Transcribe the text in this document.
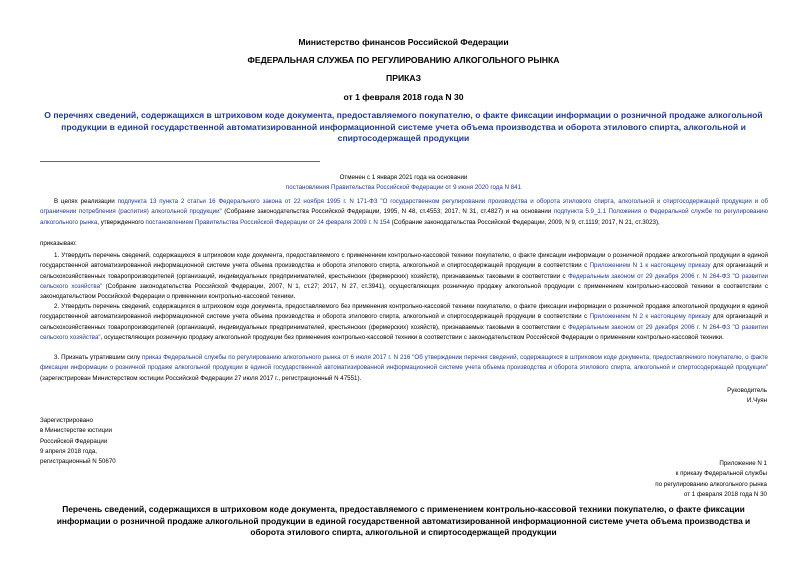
Министерство финансов Российской Федерации
ФЕДЕРАЛЬНАЯ СЛУЖБА ПО РЕГУЛИРОВАНИЮ АЛКОГОЛЬНОГО РЫНКА
ПРИКАЗ
от 1 февраля 2018 года N 30
О перечнях сведений, содержащихся в штриховом коде документа, предоставляемого покупателю, о факте фиксации информации о розничной продаже алкогольной продукции в единой государственной автоматизированной информационной системе учета объема производства и оборота этилового спирта, алкогольной и спиртосодержащей продукции
Отменен с 1 января 2021 года на основании
постановления Правительства Российской Федерации от 9 июня 2020 года N 841
В целях реализации подпункта 13 пункта 2 статьи 16 Федерального закона от 22 ноября 1995 г. N 171-ФЗ "О государственном регулировании производства и оборота этилового спирта, алкогольной и спиртосодержащей продукции и об ограничении потребления (распития) алкогольной продукции" (Собрание законодательства Российской Федерации, 1995, N 48, ст.4553; 2017, N 31, ст.4827) и на основании подпункта 5.9_1.1 Положения о Федеральной службе по регулированию алкогольного рынка, утвержденного постановлением Правительства Российской Федерации от 24 февраля 2009 г. N 154 (Собрание законодательства Российской Федерации, 2009, N 9, ст.1119; 2017, N 21, ст.3023),
приказываю:
1. Утвердить перечень сведений, содержащихся в штриховом коде документа, предоставляемого с применением контрольно-кассовой техники покупателю, о факте фиксации информации о розничной продаже алкогольной продукции в единой государственной автоматизированной информационной системе учета объема производства и оборота этилового спирта, алкогольной и спиртосодержащей продукции в соответствии с Приложением N 1 к настоящему приказу для организаций и сельскохозяйственных товаропроизводителей (организаций, индивидуальных предпринимателей, крестьянских (фермерских) хозяйств), признаваемых таковыми в соответствии с Федеральным законом от 29 декабря 2006 г. N 264-ФЗ "О развитии сельского хозяйства" (Собрание законодательства Российской Федерации, 2007, N 1, ст.27; 2017, N 27, ст.3941), осуществляющих розничную продажу алкогольной продукции с применением контрольно-кассовой техники в соответствии с законодательством Российской Федерации о применении контрольно-кассовой техники.
2. Утвердить перечень сведений, содержащихся в штриховом коде документа, предоставляемого без применения контрольно-кассовой техники покупателю, о факте фиксации информации о розничной продаже алкогольной продукции в единой государственной автоматизированной информационной системе учета объема производства и оборота этилового спирта, алкогольной и спиртосодержащей продукции в соответствии с Приложением N 2 к настоящему приказу для организаций и сельскохозяйственных товаропроизводителей (организаций, индивидуальных предпринимателей, крестьянских (фермерских) хозяйств), признаваемых таковыми в соответствии с Федеральным законом от 29 декабря 2006 г. N 264-ФЗ "О развитии сельского хозяйства", осуществляющих розничную продажу алкогольной продукции без применения контрольно-кассовой техники в соответствии с законодательством Российской Федерации о применении контрольно-кассовой техники.
3. Признать утратившим силу приказ Федеральной службы по регулированию алкогольного рынка от 6 июля 2017 г. N 216 "Об утверждении перечня сведений, содержащихся в штриховом коде документа, предоставляемого покупателю, о факте фиксации информации о розничной продаже алкогольной продукции в единой государственной автоматизированной информационной системе учета объема производства и оборота этилового спирта, алкогольной и спиртосодержащей продукции" (зарегистрирован Министерством юстиции Российской Федерации 27 июля 2017 г., регистрационный N 47551).
Руководитель
И.Чуян
Зарегистрировано
в Министерстве юстиции
Российской Федерации
9 апреля 2018 года,
регистрационный N 50670	Приложение N 1
к приказу Федеральной службы
по регулированию алкогольного рынка
от 1 февраля 2018 года N 30
Перечень сведений, содержащихся в штриховом коде документа, предоставляемого с применением контрольно-кассовой техники покупателю, о факте фиксации информации о розничной продаже алкогольной продукции в единой государственной автоматизированной информационной системе учета объема производства и оборота этилового спирта, алкогольной и спиртосодержащей продукции
